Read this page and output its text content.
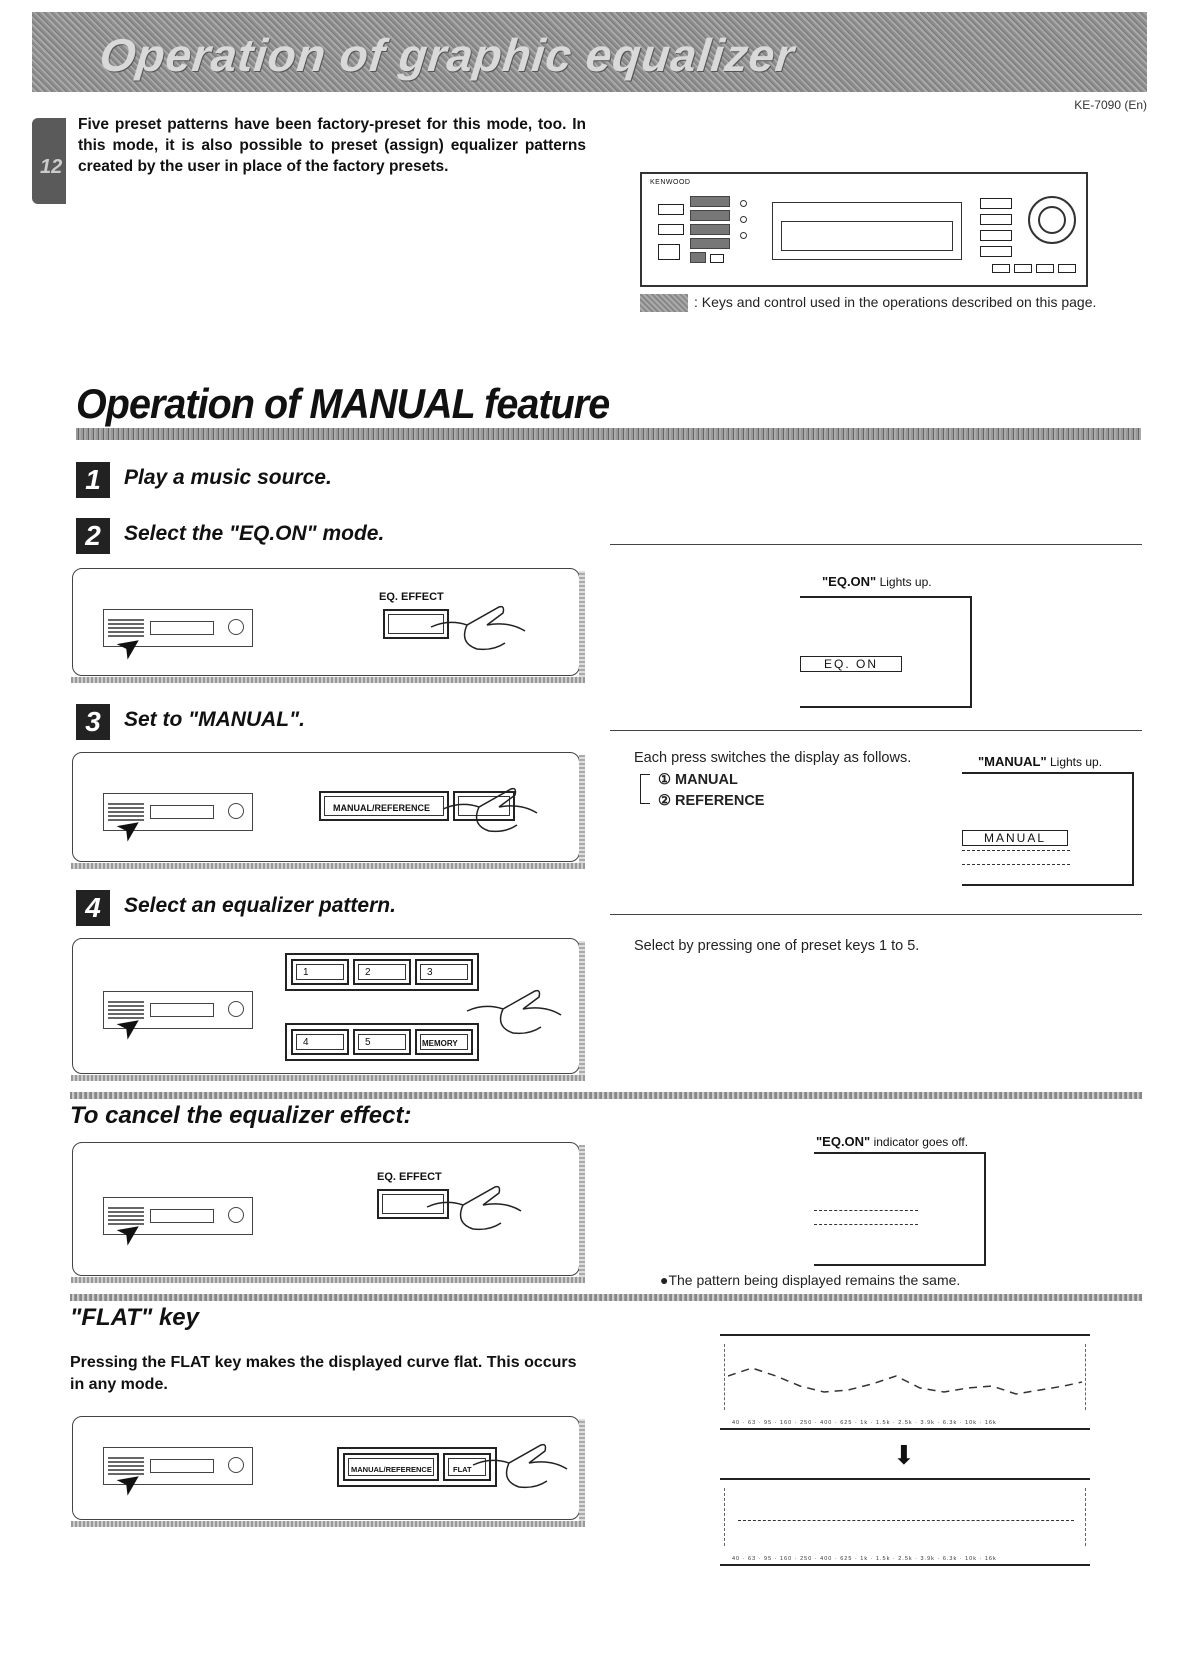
Operation of graphic equalizer
KE-7090 (En)
12
Five preset patterns have been factory-preset for this mode, too. In this mode, it is also possible to preset (assign) equalizer patterns created by the user in place of the factory presets.
KENWOOD
: Keys and control used in the operations described on this page.
Operation of MANUAL feature
1	Play a music source.
2	Select the "EQ.ON" mode.
➤
EQ. EFFECT
"EQ.ON" Lights up.
EQ. ON
3	Set to "MANUAL".
➤	MANUAL/REFERENCE
Each press switches the display as follows.
① MANUAL
② REFERENCE
"MANUAL" Lights up.
MANUAL
4	Select an equalizer pattern.
➤
1	2	3
4	5	MEMORY
Select by pressing one of preset keys 1 to 5.
To cancel the equalizer effect:
➤
EQ. EFFECT
"EQ.ON" indicator goes off.
●The pattern being displayed remains the same.
"FLAT" key
Pressing the FLAT key makes the displayed curve flat. This occurs in any mode.
➤	MANUAL/REFERENCE	FLAT
40 · 63 · 95 · 160 · 250 · 400 · 625 · 1k · 1.5k · 2.5k · 3.9k · 6.3k · 10k · 16k
⬇
40 · 63 · 95 · 160 · 250 · 400 · 625 · 1k · 1.5k · 2.5k · 3.9k · 6.3k · 10k · 16k
